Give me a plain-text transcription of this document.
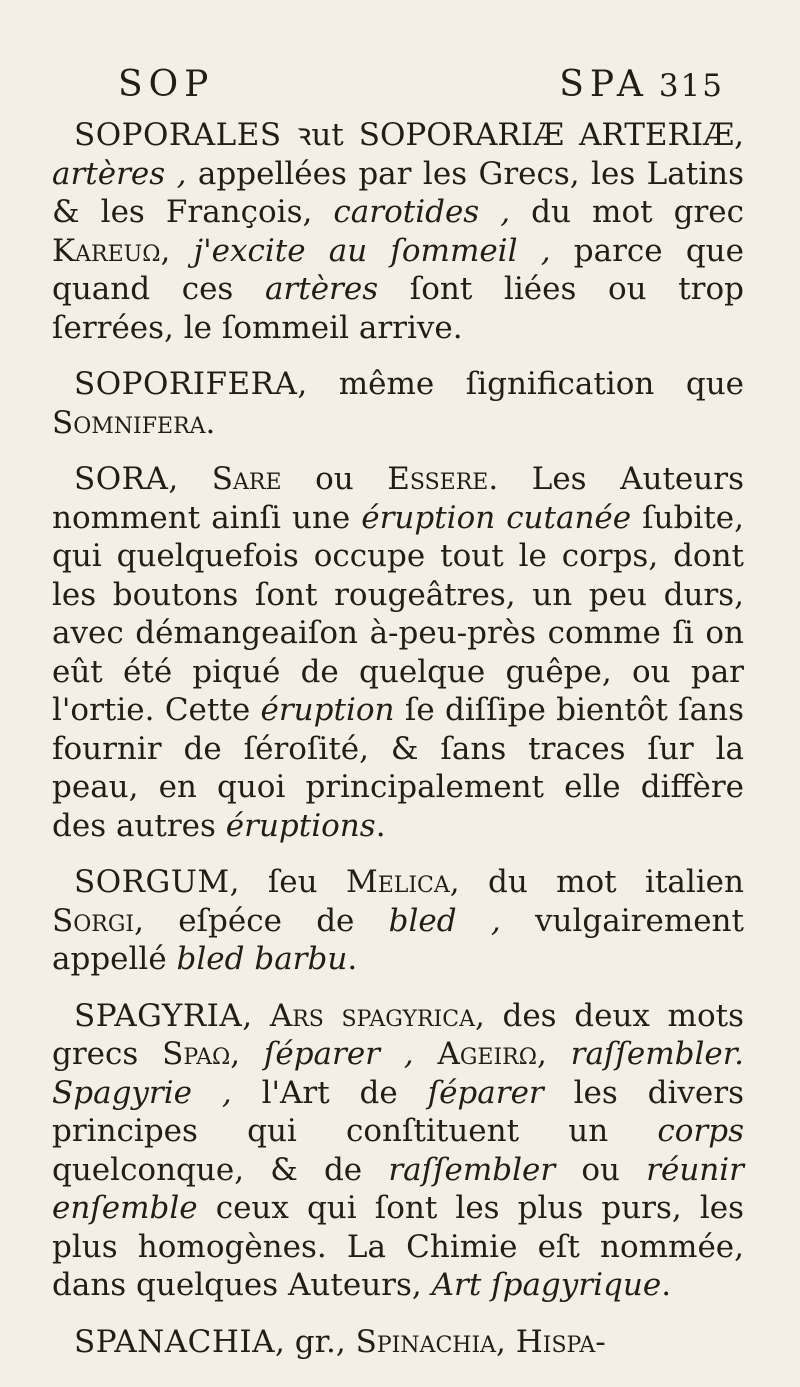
SOP	SPA 315

SOPORALES ꝛut SOPORARIÆ ARTERIÆ, artères , appellées par les Grecs, les Latins & les François, carotides , du mot grec Kareuω, j'excite au ſommeil , parce que quand ces artères ſont liées ou trop ſerrées, le ſommeil arrive.

SOPORIFERA, même ſignification que Somnifera.

SORA, Sare ou Essere. Les Auteurs nomment ainſi une éruption cutanée ſubite, qui quelquefois occupe tout le corps, dont les boutons ſont rougeâtres, un peu durs, avec démangeaiſon à-peu-près comme ſi on eût été piqué de quelque guêpe, ou par l'ortie. Cette éruption ſe diſſipe bientôt ſans fournir de ſéroſité, & ſans traces ſur la peau, en quoi principalement elle diffère des autres éruptions.

SORGUM, ſeu Melica, du mot italien Sorgi, eſpéce de bled , vulgairement appellé bled barbu.

SPAGYRIA, Ars spagyrica, des deux mots grecs Spaω, ſéparer , Ageirω, raſſembler. Spagyrie , l'Art de ſéparer les divers principes qui conſtituent un corps quelconque, & de raſſembler ou réunir enſemble ceux qui ſont les plus purs, les plus homogènes. La Chimie eſt nommée, dans quelques Auteurs, Art ſpagyrique.

SPANACHIA, gr., Spinachia, Hispa-
